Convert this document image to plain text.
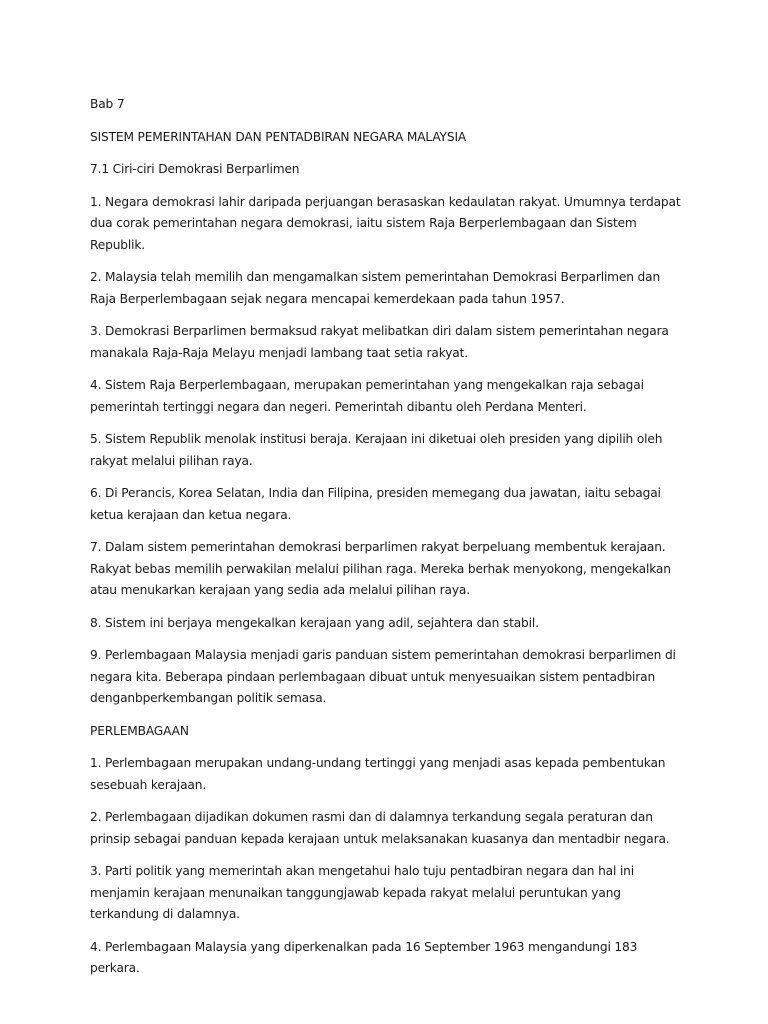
Bab 7

SISTEM PEMERINTAHAN DAN PENTADBIRAN NEGARA MALAYSIA

7.1 Ciri-ciri Demokrasi Berparlimen

1. Negara demokrasi lahir daripada perjuangan berasaskan kedaulatan rakyat. Umumnya terdapat dua corak pemerintahan negara demokrasi, iaitu sistem Raja Berperlembagaan dan Sistem Republik.

2. Malaysia telah memilih dan mengamalkan sistem pemerintahan Demokrasi Berparlimen dan Raja Berperlembagaan sejak negara mencapai kemerdekaan pada tahun 1957.

3. Demokrasi Berparlimen bermaksud rakyat melibatkan diri dalam sistem pemerintahan negara manakala Raja-Raja Melayu menjadi lambang taat setia rakyat.

4. Sistem Raja Berperlembagaan, merupakan pemerintahan yang mengekalkan raja sebagai pemerintah tertinggi negara dan negeri. Pemerintah dibantu oleh Perdana Menteri.

5. Sistem Republik menolak institusi beraja. Kerajaan ini diketuai oleh presiden yang dipilih oleh rakyat melalui pilihan raya.

6. Di Perancis, Korea Selatan, India dan Filipina, presiden memegang dua jawatan, iaitu sebagai ketua kerajaan dan ketua negara.

7. Dalam sistem pemerintahan demokrasi berparlimen rakyat berpeluang membentuk kerajaan. Rakyat bebas memilih perwakilan melalui pilihan raga. Mereka berhak menyokong, mengekalkan atau menukarkan kerajaan yang sedia ada melalui pilihan raya.

8. Sistem ini berjaya mengekalkan kerajaan yang adil, sejahtera dan stabil.

9. Perlembagaan Malaysia menjadi garis panduan sistem pemerintahan demokrasi berparlimen di negara kita. Beberapa pindaan perlembagaan dibuat untuk menyesuaikan sistem pentadbiran denganbperkembangan politik semasa.

PERLEMBAGAAN

1. Perlembagaan merupakan undang-undang tertinggi yang menjadi asas kepada pembentukan sesebuah kerajaan.

2. Perlembagaan dijadikan dokumen rasmi dan di dalamnya terkandung segala peraturan dan prinsip sebagai panduan kepada kerajaan untuk melaksanakan kuasanya dan mentadbir negara.

3. Parti politik yang memerintah akan mengetahui halo tuju pentadbiran negara dan hal ini menjamin kerajaan menunaikan tanggungjawab kepada rakyat melalui peruntukan yang terkandung di dalamnya.

4. Perlembagaan Malaysia yang diperkenalkan pada 16 September 1963 mengandungi 183 perkara.
